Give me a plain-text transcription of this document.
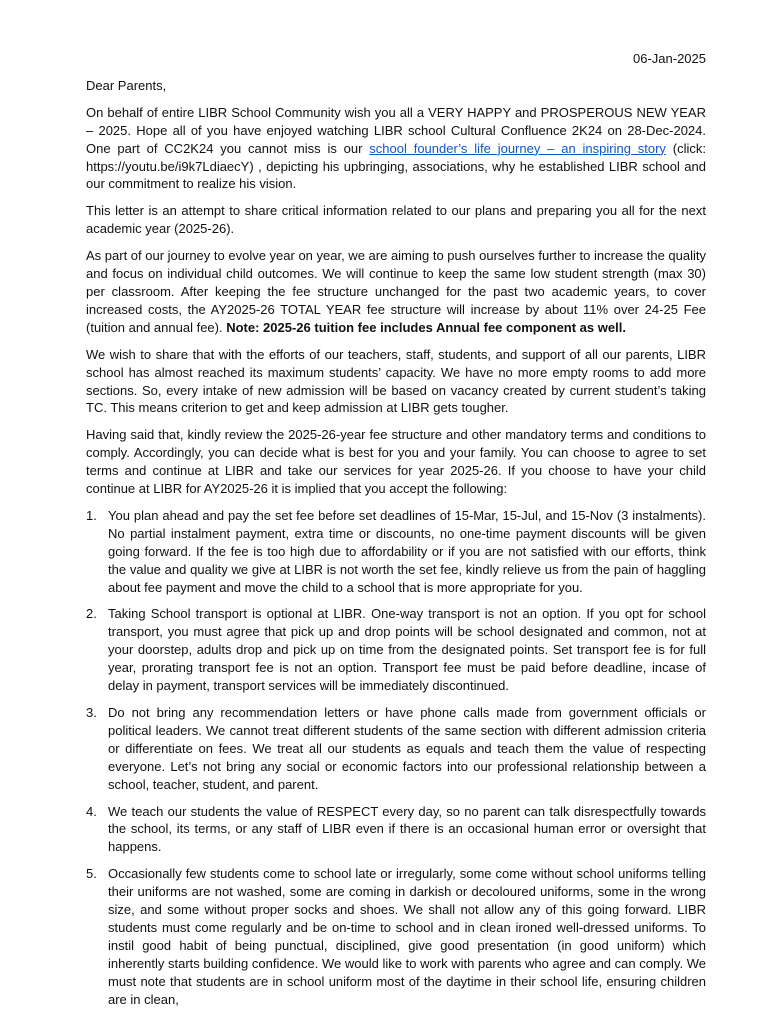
06-Jan-2025
Dear Parents,

On behalf of entire LIBR School Community wish you all a VERY HAPPY and PROSPEROUS NEW YEAR – 2025. Hope all of you have enjoyed watching LIBR school Cultural Confluence 2K24 on 28-Dec-2024. One part of CC2K24 you cannot miss is our school founder’s life journey – an inspiring story (click: https://youtu.be/i9k7LdiaecY) , depicting his upbringing, associations, why he established LIBR school and our commitment to realize his vision.

This letter is an attempt to share critical information related to our plans and preparing you all for the next academic year (2025-26).

As part of our journey to evolve year on year, we are aiming to push ourselves further to increase the quality and focus on individual child outcomes. We will continue to keep the same low student strength (max 30) per classroom. After keeping the fee structure unchanged for the past two academic years, to cover increased costs, the AY2025-26 TOTAL YEAR fee structure will increase by about 11% over 24-25 Fee (tuition and annual fee). Note: 2025-26 tuition fee includes Annual fee component as well.

We wish to share that with the efforts of our teachers, staff, students, and support of all our parents, LIBR school has almost reached its maximum students’ capacity. We have no more empty rooms to add more sections. So, every intake of new admission will be based on vacancy created by current student’s taking TC. This means criterion to get and keep admission at LIBR gets tougher.

Having said that, kindly review the 2025-26-year fee structure and other mandatory terms and conditions to comply. Accordingly, you can decide what is best for you and your family. You can choose to agree to set terms and continue at LIBR and take our services for year 2025-26. If you choose to have your child continue at LIBR for AY2025-26 it is implied that you accept the following:

1. You plan ahead and pay the set fee before set deadlines of 15-Mar, 15-Jul, and 15-Nov (3 instalments). No partial instalment payment, extra time or discounts, no one-time payment discounts will be given going forward. If the fee is too high due to affordability or if you are not satisfied with our efforts, think the value and quality we give at LIBR is not worth the set fee, kindly relieve us from the pain of haggling about fee payment and move the child to a school that is more appropriate for you.
2. Taking School transport is optional at LIBR. One-way transport is not an option. If you opt for school transport, you must agree that pick up and drop points will be school designated and common, not at your doorstep, adults drop and pick up on time from the designated points. Set transport fee is for full year, prorating transport fee is not an option. Transport fee must be paid before deadline, incase of delay in payment, transport services will be immediately discontinued.
3. Do not bring any recommendation letters or have phone calls made from government officials or political leaders. We cannot treat different students of the same section with different admission criteria or differentiate on fees. We treat all our students as equals and teach them the value of respecting everyone. Let’s not bring any social or economic factors into our professional relationship between a school, teacher, student, and parent.
4. We teach our students the value of RESPECT every day, so no parent can talk disrespectfully towards the school, its terms, or any staff of LIBR even if there is an occasional human error or oversight that happens.
5. Occasionally few students come to school late or irregularly, some come without school uniforms telling their uniforms are not washed, some are coming in darkish or decoloured uniforms, some in the wrong size, and some without proper socks and shoes. We shall not allow any of this going forward. LIBR students must come regularly and be on-time to school and in clean ironed well-dressed uniforms. To instil good habit of being punctual, disciplined, give good presentation (in good uniform) which inherently starts building confidence. We would like to work with parents who agree and can comply. We must note that students are in school uniform most of the daytime in their school life, ensuring children are in clean,
